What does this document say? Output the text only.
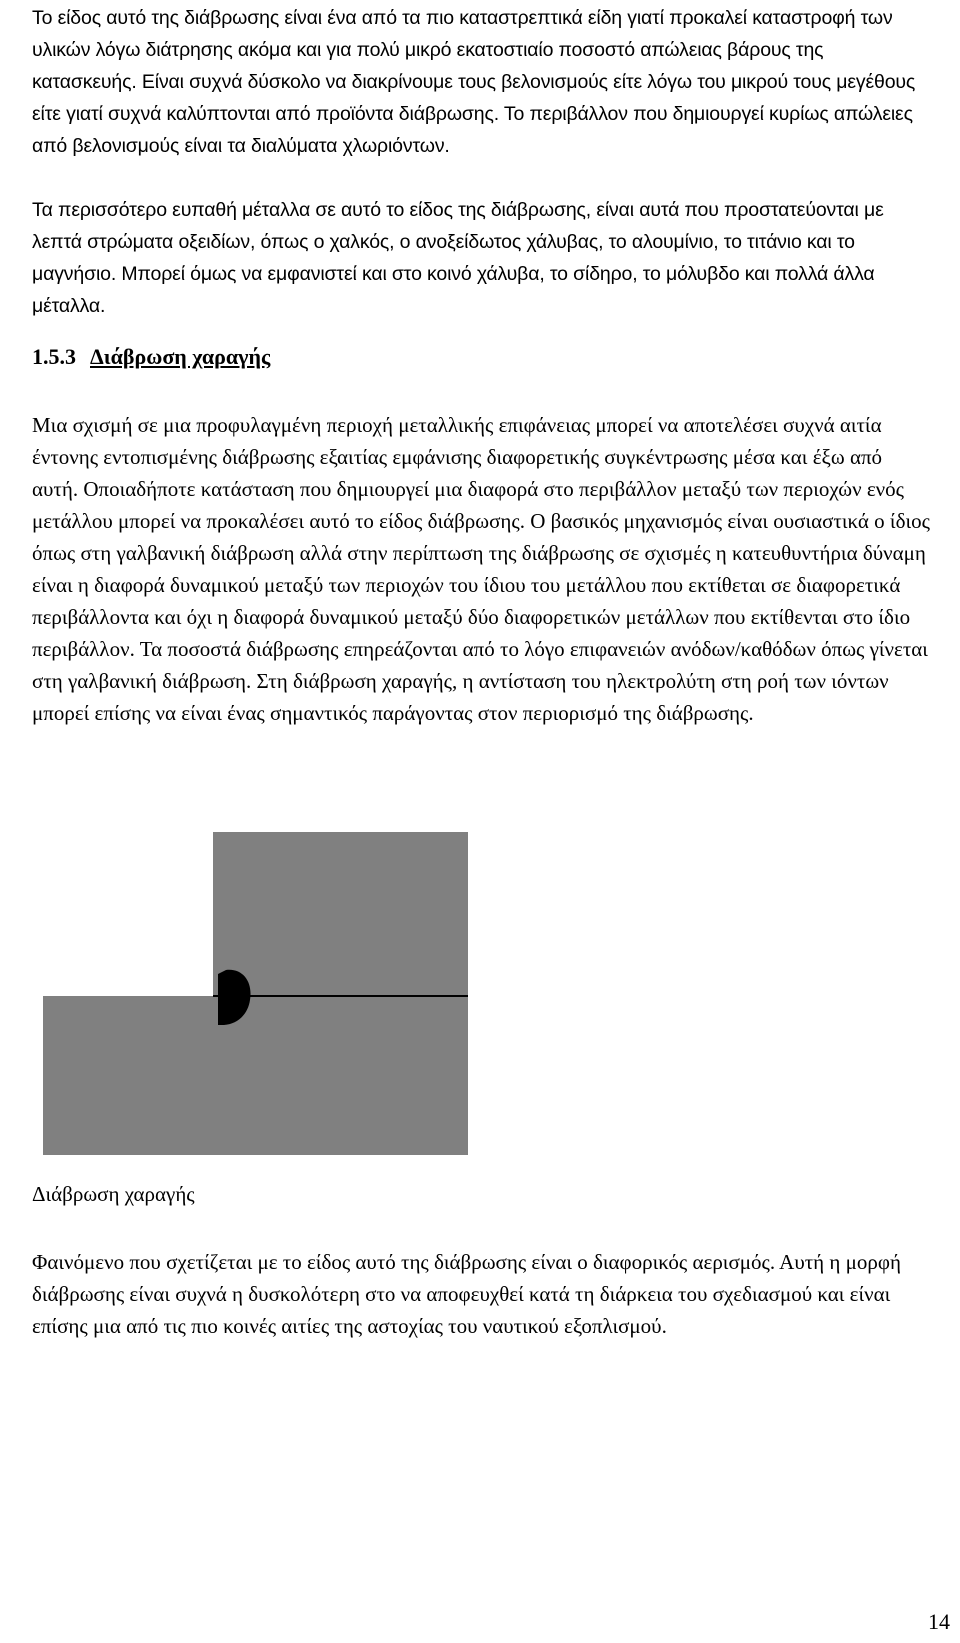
Το είδος αυτό της διάβρωσης είναι ένα από τα πιο καταστρεπτικά είδη γιατί προκαλεί καταστροφή των υλικών λόγω διάτρησης ακόμα και για πολύ μικρό εκατοστιαίο ποσοστό απώλειας βάρους της κατασκευής. Είναι συχνά δύσκολο να διακρίνουμε τους βελονισμούς είτε λόγω του μικρού τους μεγέθους είτε γιατί συχνά καλύπτονται από προϊόντα διάβρωσης. Το περιβάλλον που δημιουργεί κυρίως απώλειες από βελονισμούς είναι τα διαλύματα χλωριόντων.

Τα περισσότερο ευπαθή μέταλλα σε αυτό το είδος της διάβρωσης, είναι αυτά που προστατεύονται με λεπτά στρώματα οξειδίων, όπως ο χαλκός, ο ανοξείδωτος χάλυβας, το αλουμίνιο, το τιτάνιο και το μαγνήσιο. Μπορεί όμως να εμφανιστεί και στο κοινό χάλυβα, το σίδηρο, το μόλυβδο και πολλά άλλα μέταλλα.

1.5.3 Διάβρωση χαραγής

Μια σχισμή σε μια προφυλαγμένη περιοχή μεταλλικής επιφάνειας μπορεί να αποτελέσει συχνά αιτία έντονης εντοπισμένης διάβρωσης εξαιτίας εμφάνισης διαφορετικής συγκέντρωσης μέσα και έξω από αυτή. Οποιαδήποτε κατάσταση που δημιουργεί μια διαφορά στο περιβάλλον μεταξύ των περιοχών ενός μετάλλου μπορεί να προκαλέσει αυτό το είδος διάβρωσης. Ο βασικός μηχανισμός είναι ουσιαστικά ο ίδιος όπως στη γαλβανική διάβρωση αλλά στην περίπτωση της διάβρωσης σε σχισμές η κατευθυντήρια δύναμη είναι η διαφορά δυναμικού μεταξύ των περιοχών του ίδιου του μετάλλου που εκτίθεται σε διαφορετικά περιβάλλοντα και όχι η διαφορά δυναμικού μεταξύ δύο διαφορετικών μετάλλων που εκτίθενται στο ίδιο περιβάλλον. Τα ποσοστά διάβρωσης επηρεάζονται από το λόγο επιφανειών ανόδων/καθόδων όπως γίνεται στη γαλβανική διάβρωση. Στη διάβρωση χαραγής, η αντίσταση του ηλεκτρολύτη στη ροή των ιόντων μπορεί επίσης να είναι ένας σημαντικός παράγοντας στον περιορισμό της διάβρωσης.

Διάβρωση χαραγής

Φαινόμενο που σχετίζεται με το είδος αυτό της διάβρωσης είναι ο διαφορικός αερισμός. Αυτή η μορφή διάβρωσης είναι συχνά η δυσκολότερη στο να αποφευχθεί κατά τη διάρκεια του σχεδιασμού και είναι επίσης μια από τις πιο κοινές αιτίες της αστοχίας του ναυτικού εξοπλισμού.

14
